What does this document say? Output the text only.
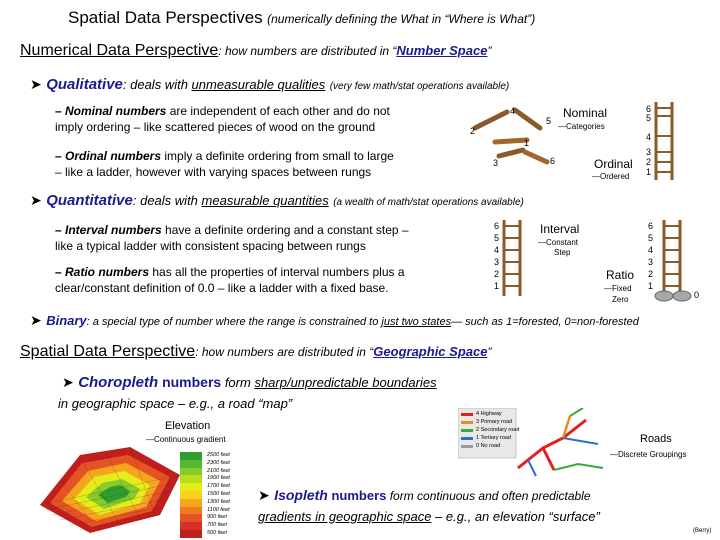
Spatial Data Perspectives (numerically defining the What in “Where is What”)
Numerical Data Perspective: how numbers are distributed in “Number Space”
➤ Qualitative: deals with unmeasurable qualities (very few math/stat operations available)
– Nominal numbers are independent of each other and do not
imply ordering – like scattered pieces of wood on the ground
– Ordinal numbers imply a definite ordering from small to large
– like a ladder, however with varying spaces between rungs
4
5
2
1
3	6
Nominal
—Categories
Ordinal
—Ordered
6
5
4
3
2
1
➤ Quantitative: deals with measurable quantities (a wealth of math/stat operations available)
– Interval numbers have a definite ordering and a constant step –
like a typical ladder with consistent spacing between rungs
– Ratio numbers has all the properties of interval numbers plus a
clear/constant definition of 0.0 – like a ladder with a fixed base.
6
5
4
3
2
1
Interval
—Constant
Step
Ratio
—Fixed
Zero
6
5
4
3
2
1
0
➤ Binary: a special type of number where the range is constrained to just two states— such as 1=forested, 0=non-forested
Spatial Data Perspective: how numbers are distributed in “Geographic Space”
➤ Choropleth numbers form sharp/unpredictable boundaries
in geographic space – e.g., a road “map”
Elevation
—Continuous gradient
2500 feet
2300 feet
2100 feet
1900 feet
1700 feet
1500 feet
1300 feet
1100 feet
900 feet
700 feet
500 feet
4 Highway
3 Primary road
2 Secondary road
1 Tertiary road
0 No road
Roads
—Discrete Groupings
➤ Isopleth numbers form continuous and often predictable
gradients in geographic space – e.g., an elevation “surface”
(Berry)
